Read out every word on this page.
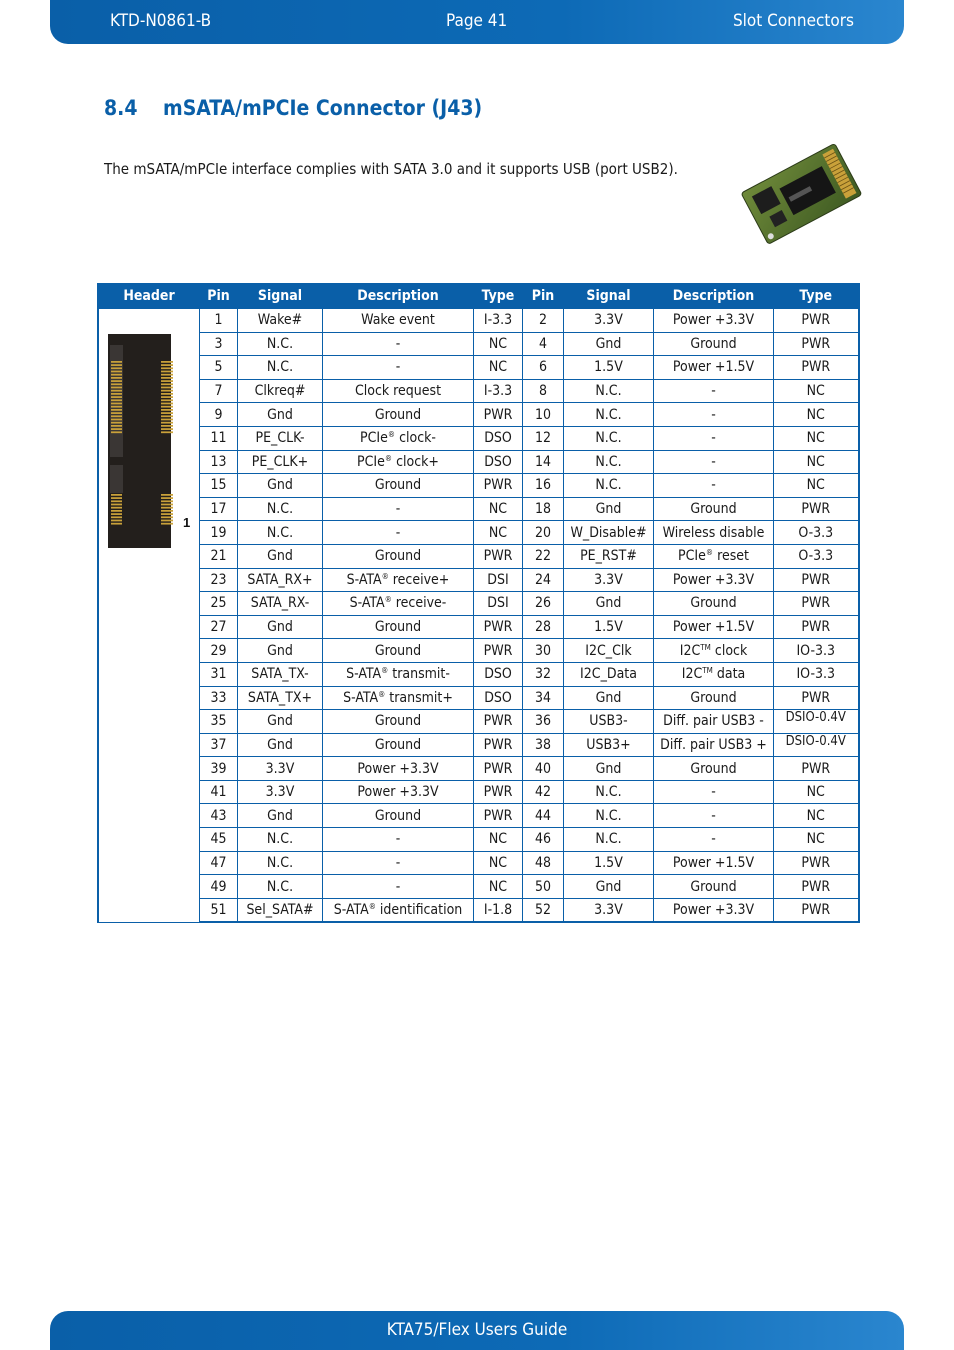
KTD-N0861-B	Page 41	Slot Connectors
8.4 mSATA/mPCIe Connector (J43)
The mSATA/mPCIe interface complies with SATA 3.0 and it supports USB (port USB2).
Header	Pin	Signal	Description	Type	Pin	Signal	Description	Type

1	1	Wake#	Wake event	I-3.3	2	3.3V	Power +3.3V	PWR
	3	N.C.	-	NC	4	Gnd	Ground	PWR
	5	N.C.	-	NC	6	1.5V	Power +1.5V	PWR
	7	Clkreq#	Clock request	I-3.3	8	N.C.	-	NC
	9	Gnd	Ground	PWR	10	N.C.	-	NC
	11	PE_CLK-	PCIe® clock-	DSO	12	N.C.	-	NC
	13	PE_CLK+	PCIe® clock+	DSO	14	N.C.	-	NC
	15	Gnd	Ground	PWR	16	N.C.	-	NC
	17	N.C.	-	NC	18	Gnd	Ground	PWR
	19	N.C.	-	NC	20	W_Disable#	Wireless disable	O-3.3
	21	Gnd	Ground	PWR	22	PE_RST#	PCIe® reset	O-3.3
	23	SATA_RX+	S-ATA® receive+	DSI	24	3.3V	Power +3.3V	PWR
	25	SATA_RX-	S-ATA® receive-	DSI	26	Gnd	Ground	PWR
	27	Gnd	Ground	PWR	28	1.5V	Power +1.5V	PWR
	29	Gnd	Ground	PWR	30	I2C_Clk	I2C™ clock	IO-3.3
	31	SATA_TX-	S-ATA® transmit-	DSO	32	I2C_Data	I2C™ data	IO-3.3
	33	SATA_TX+	S-ATA® transmit+	DSO	34	Gnd	Ground	PWR
	35	Gnd	Ground	PWR	36	USB3-	Diff. pair USB3 -	DSIO-0.4V
	37	Gnd	Ground	PWR	38	USB3+	Diff. pair USB3 +	DSIO-0.4V
	39	3.3V	Power +3.3V	PWR	40	Gnd	Ground	PWR
	41	3.3V	Power +3.3V	PWR	42	N.C.	-	NC
	43	Gnd	Ground	PWR	44	N.C.	-	NC
	45	N.C.	-	NC	46	N.C.	-	NC
	47	N.C.	-	NC	48	1.5V	Power +1.5V	PWR
	49	N.C.	-	NC	50	Gnd	Ground	PWR
	51	Sel_SATA#	S-ATA® identification	I-1.8	52	3.3V	Power +3.3V	PWR
KTA75/Flex Users Guide
